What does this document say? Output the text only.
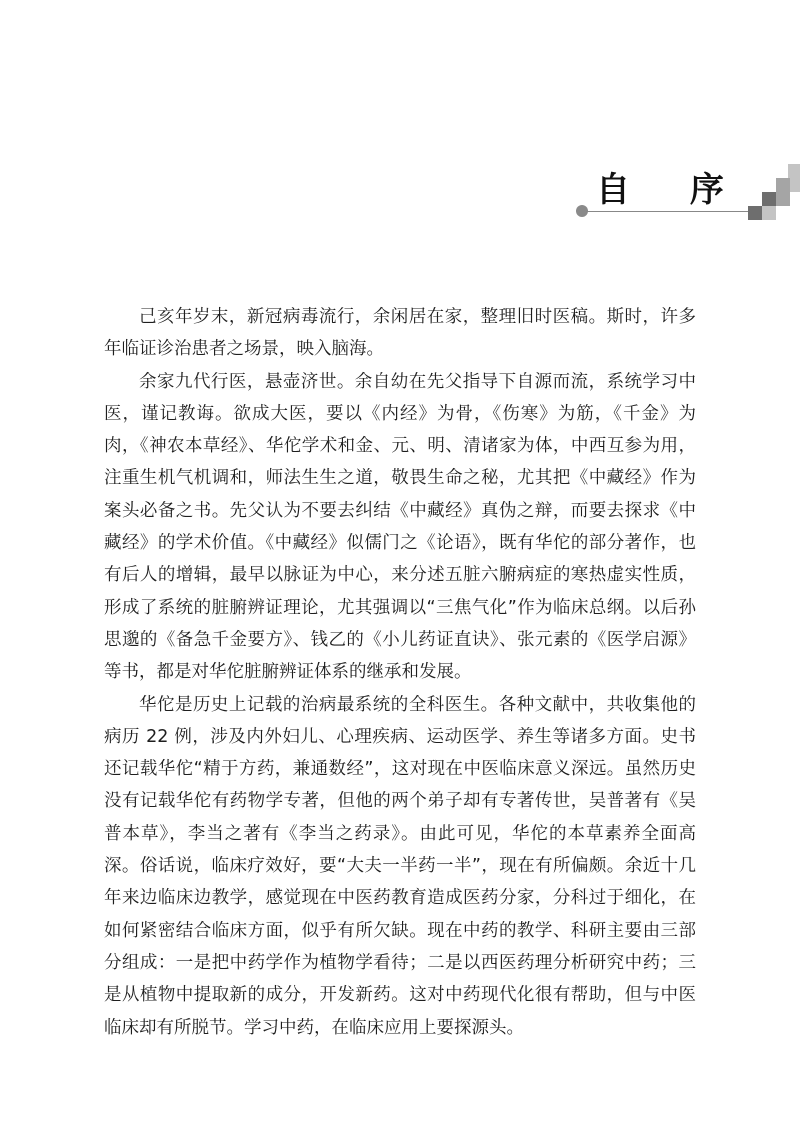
自 序

己亥年岁末，新冠病毒流行，余闲居在家，整理旧时医稿。斯时，许多年临证诊治患者之场景，映入脑海。

余家九代行医，悬壶济世。余自幼在先父指导下自源而流，系统学习中医，谨记教诲。欲成大医，要以《内经》为骨，《伤寒》为筋，《千金》为肉，《神农本草经》、华佗学术和金、元、明、清诸家为体，中西互参为用，注重生机气机调和，师法生生之道，敬畏生命之秘，尤其把《中藏经》作为案头必备之书。先父认为不要去纠结《中藏经》真伪之辩，而要去探求《中藏经》的学术价值。《中藏经》似儒门之《论语》，既有华佗的部分著作，也有后人的增辑，最早以脉证为中心，来分述五脏六腑病症的寒热虚实性质，形成了系统的脏腑辨证理论，尤其强调以“三焦气化”作为临床总纲。以后孙思邈的《备急千金要方》、钱乙的《小儿药证直诀》、张元素的《医学启源》等书，都是对华佗脏腑辨证体系的继承和发展。

华佗是历史上记载的治病最系统的全科医生。各种文献中，共收集他的病历 22 例，涉及内外妇儿、心理疾病、运动医学、养生等诸多方面。史书还记载华佗“精于方药，兼通数经”，这对现在中医临床意义深远。虽然历史没有记载华佗有药物学专著，但他的两个弟子却有专著传世，吴普著有《吴普本草》，李当之著有《李当之药录》。由此可见，华佗的本草素养全面高深。俗话说，临床疗效好，要“大夫一半药一半”，现在有所偏颇。余近十几年来边临床边教学，感觉现在中医药教育造成医药分家，分科过于细化，在如何紧密结合临床方面，似乎有所欠缺。现在中药的教学、科研主要由三部分组成：一是把中药学作为植物学看待；二是以西医药理分析研究中药；三是从植物中提取新的成分，开发新药。这对中药现代化很有帮助，但与中医临床却有所脱节。学习中药，在临床应用上要探源头。
